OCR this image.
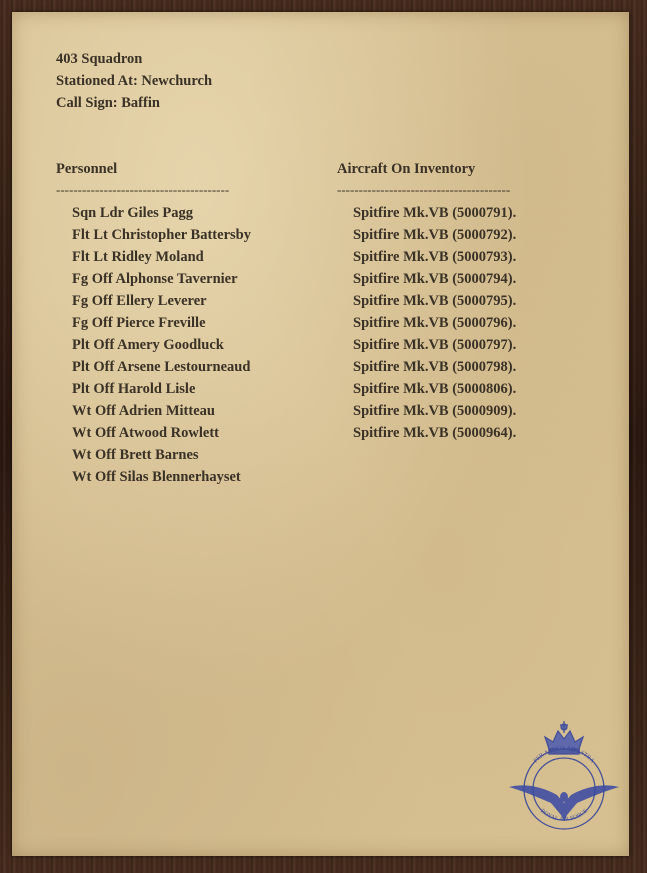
403 Squadron
Stationed At: Newchurch
Call Sign: Baffin
Personnel
----------------------------------------
Sqn Ldr Giles Pagg
Flt Lt Christopher Battersby
Flt Lt Ridley Moland
Fg Off Alphonse Tavernier
Fg Off Ellery Leverer
Fg Off Pierce Freville
Plt Off Amery Goodluck
Plt Off Arsene Lestourneaud
Plt Off Harold Lisle
Wt Off Adrien Mitteau
Wt Off Atwood Rowlett
Wt Off Brett Barnes
Wt Off Silas Blennerhayset
Aircraft On Inventory
----------------------------------------
Spitfire Mk.VB (5000791).
Spitfire Mk.VB (5000792).
Spitfire Mk.VB (5000793).
Spitfire Mk.VB (5000794).
Spitfire Mk.VB (5000795).
Spitfire Mk.VB (5000796).
Spitfire Mk.VB (5000797).
Spitfire Mk.VB (5000798).
Spitfire Mk.VB (5000806).
Spitfire Mk.VB (5000909).
Spitfire Mk.VB (5000964).
PER ARDUA AD ASTRA
ROYAL AIR FORCE
